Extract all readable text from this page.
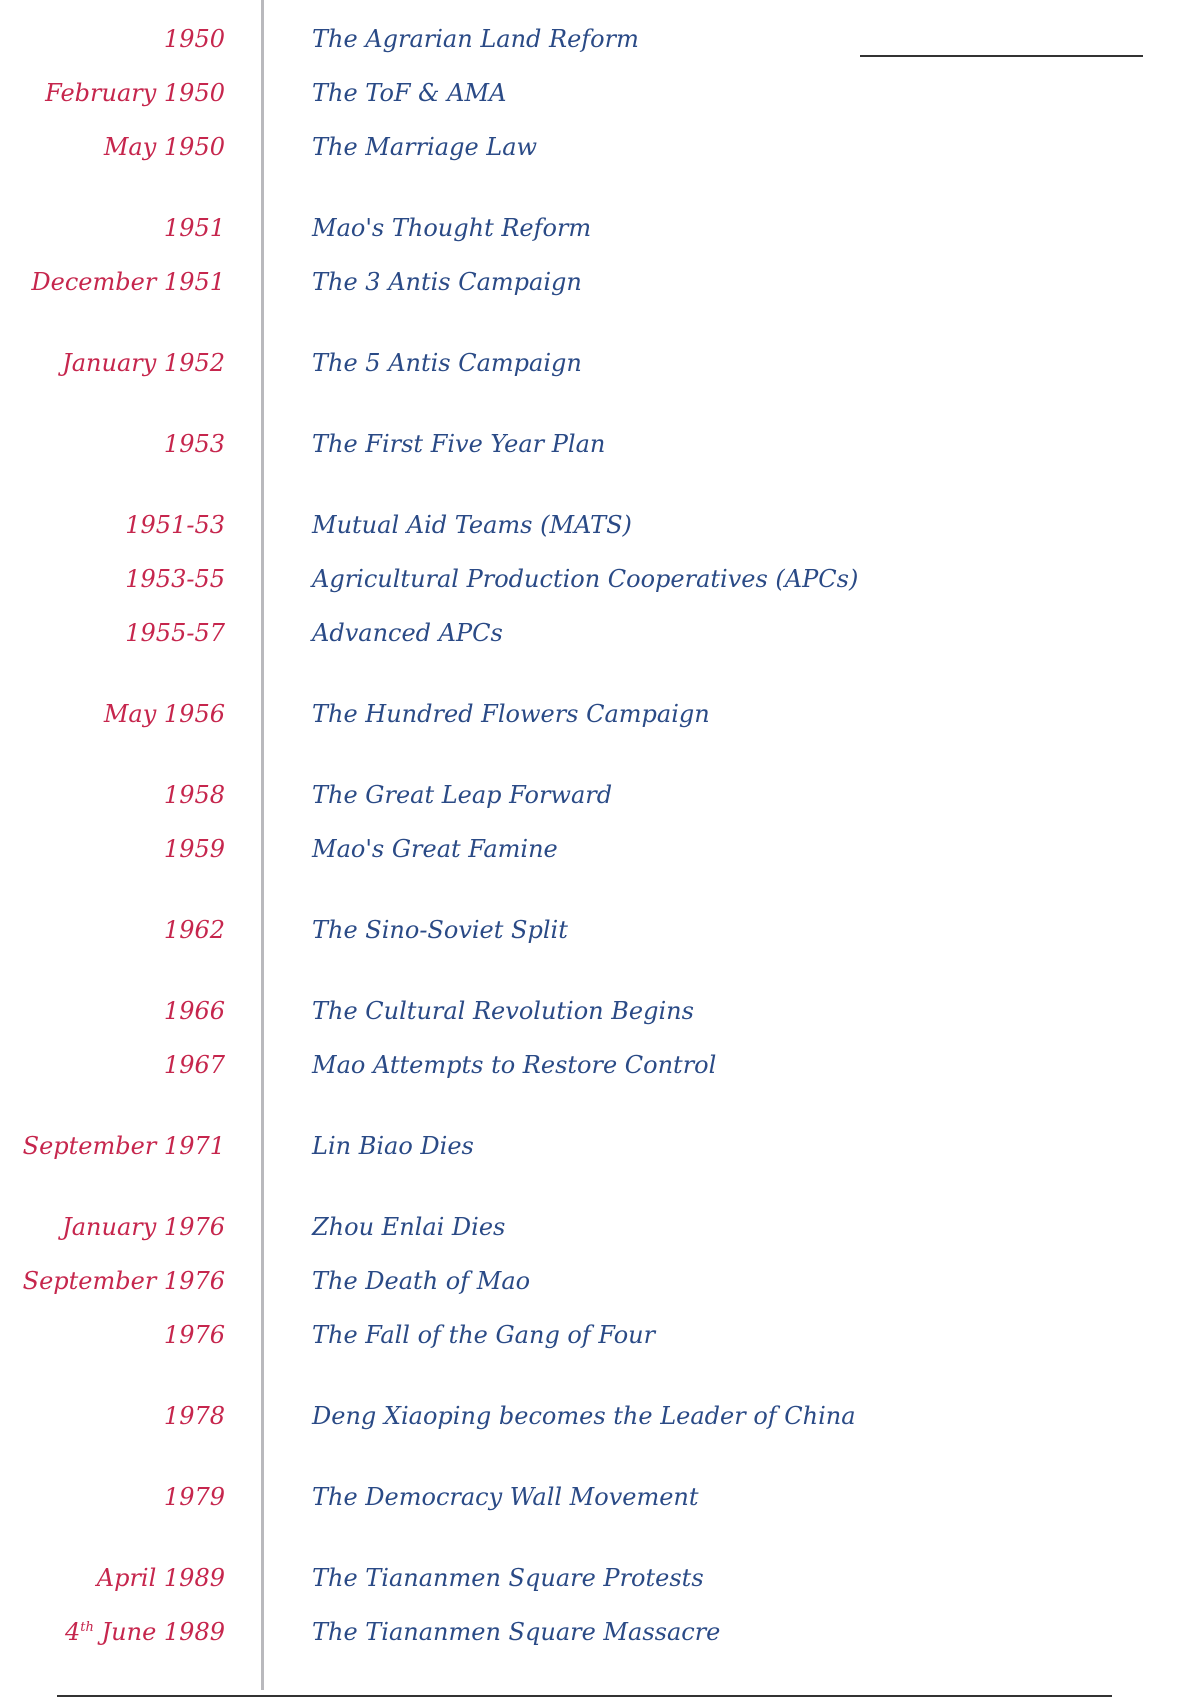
1950	The Agrarian Land Reform
February 1950	The ToF & AMA
May 1950	The Marriage Law
1951	Mao's Thought Reform
December 1951	The 3 Antis Campaign
January 1952	The 5 Antis Campaign
1953	The First Five Year Plan
1951-53	Mutual Aid Teams (MATS)
1953-55	Agricultural Production Cooperatives (APCs)
1955-57	Advanced APCs
May 1956	The Hundred Flowers Campaign
1958	The Great Leap Forward
1959	Mao's Great Famine
1962	The Sino-Soviet Split
1966	The Cultural Revolution Begins
1967	Mao Attempts to Restore Control
September 1971	Lin Biao Dies
January 1976	Zhou Enlai Dies
September 1976	The Death of Mao
1976	The Fall of the Gang of Four
1978	Deng Xiaoping becomes the Leader of China
1979	The Democracy Wall Movement
April 1989	The Tiananmen Square Protests
4th June 1989	The Tiananmen Square Massacre
